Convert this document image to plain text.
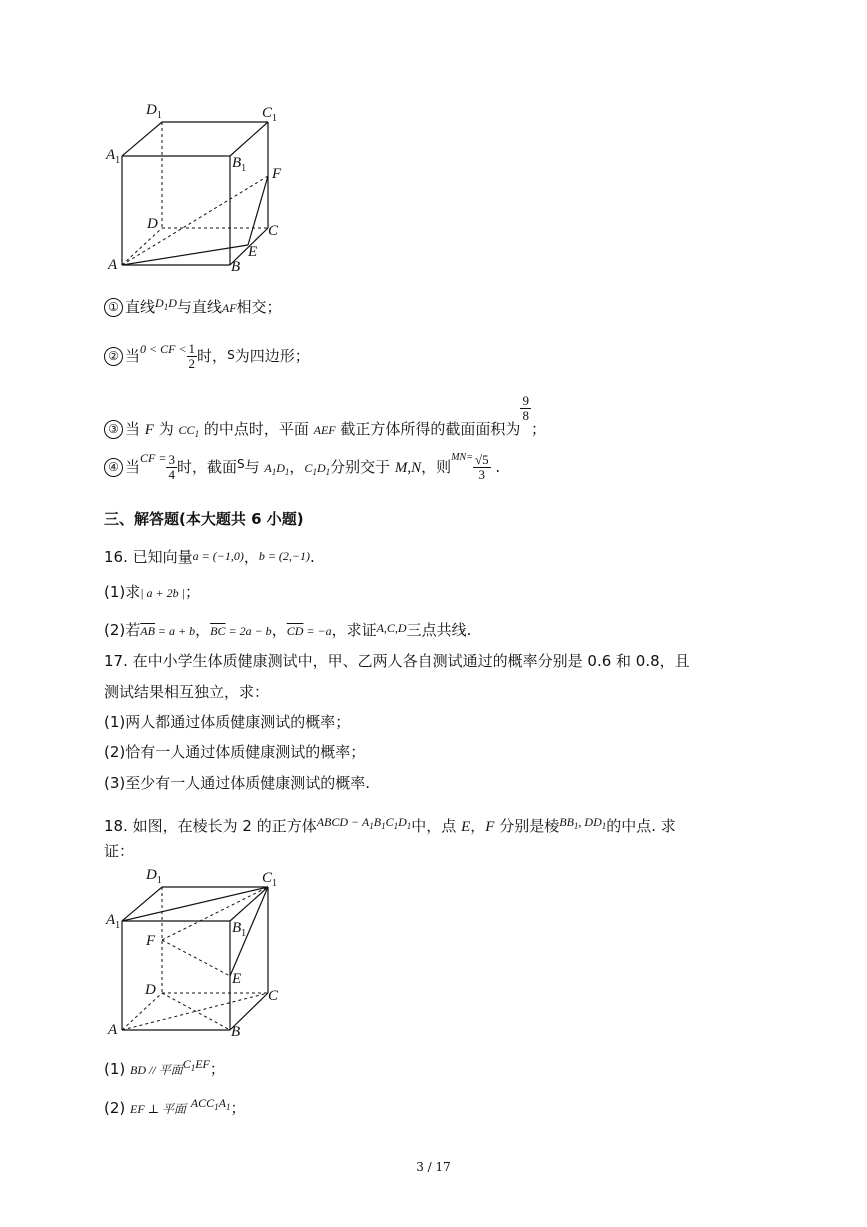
$D_1$	$C_1$
$A_1$	$B_1$ F
D	C
E
A	B
① 直线$^{D_1D}$与直线AF相交；
② 当$^{0 < CF <} \frac{1}{2}$ 时，S为四边形；
③ 当 F 为 $CC_1$ 的中点时，平面 AEF 截正方体所得的截面面积为
$\frac{9}{8}$
；
④ 当$^{CF =} \frac{3}{4}$ 时，截面$^S$与 $A_1D_1$，$C_1D_1$分别交于 M,N，则$^{MN=} \frac{√5}{3}$ .
三、解答题(本大题共 6 小题)
16. 已知向量a = (−1,0)，b = (2,−1).
(1)求| a + 2b |；
(2)若$\overline{AB} = a + b$，$\overline{BC} = 2a - b$，$\overline{CD} = -a$，求证$^{A,C,D}$三点共线.
17. 在中小学生体质健康测试中，甲、乙两人各自测试通过的概率分别是 0.6 和 0.8，且
测试结果相互独立，求：
(1)两人都通过体质健康测试的概率；
(2)恰有一人通过体质健康测试的概率；
(3)至少有一人通过体质健康测试的概率.
18. 如图，在棱长为 2 的正方体$^{ABCD - A_1B_1C_1D_1}$中，点 E，F 分别是棱$^{BB_1, DD_1}$的中点. 求
证：
$D_1$	$C_1$
$A_1$
F
$B_1$
E
D	C
A	B
(1) BD // 平面$^{C_1EF}$；
(2) EF ⊥ 平面 $^{ACC_1A_1}$；
3 / 17
